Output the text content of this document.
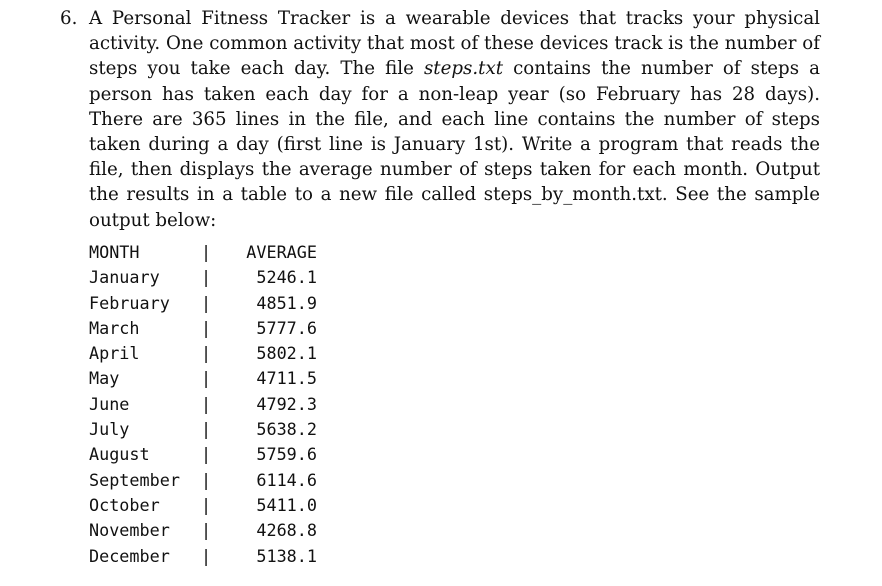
6. A Personal Fitness Tracker is a wearable devices that tracks your physical activity. One common activity that most of these devices track is the number of steps you take each day. The file steps.txt contains the number of steps a person has taken each day for a non-leap year (so February has 28 days). There are 365 lines in the file, and each line contains the number of steps taken during a day (first line is January 1st). Write a program that reads the file, then displays the average number of steps taken for each month. Output the results in a table to a new file called steps_by_month.txt. See the sample output below:
MONTH	|	AVERAGE
January	|	5246.1
February	|	4851.9
March	|	5777.6
April	|	5802.1
May	|	4711.5
June	|	4792.3
July	|	5638.2
August	|	5759.6
September	|	6114.6
October	|	5411.0
November	|	4268.8
December	|	5138.1
